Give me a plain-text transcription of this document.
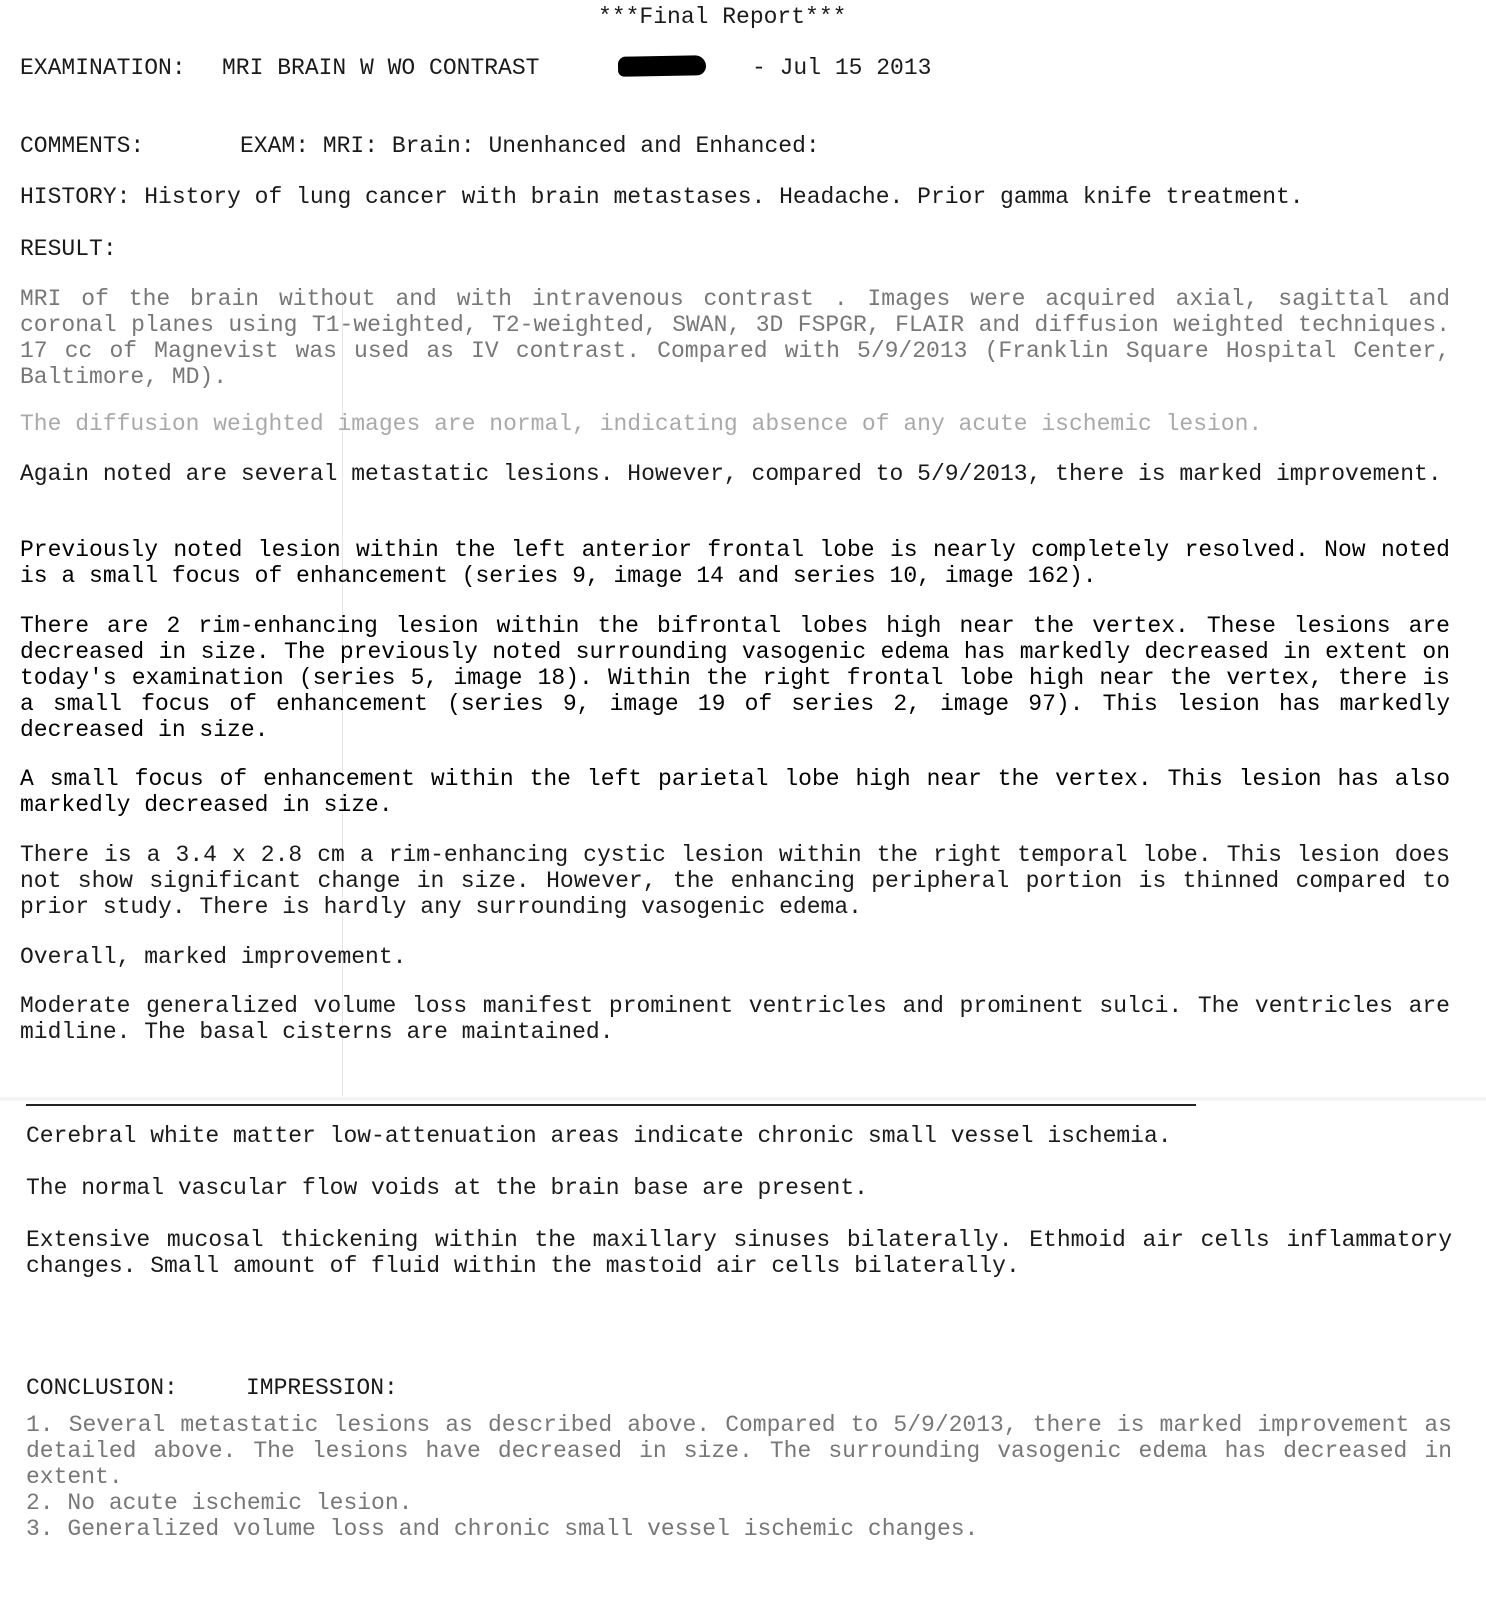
***Final Report***
EXAMINATION: MRI BRAIN W WO CONTRAST	- Jul 15 2013
COMMENTS:	EXAM: MRI: Brain: Unenhanced and Enhanced:
HISTORY: History of lung cancer with brain metastases. Headache. Prior gamma knife treatment.
RESULT:
MRI of the brain without and with intravenous contrast . Images were acquired axial, sagittal and coronal planes using T1-weighted, T2-weighted, SWAN, 3D FSPGR, FLAIR and diffusion weighted techniques. 17 cc of Magnevist was used as IV contrast. Compared with 5/9/2013 (Franklin Square Hospital Center, Baltimore, MD).
The diffusion weighted images are normal, indicating absence of any acute ischemic lesion.
Again noted are several metastatic lesions. However, compared to 5/9/2013, there is marked improvement.
Previously noted lesion within the left anterior frontal lobe is nearly completely resolved. Now noted is a small focus of enhancement (series 9, image 14 and series 10, image 162).
There are 2 rim-enhancing lesion within the bifrontal lobes high near the vertex. These lesions are decreased in size. The previously noted surrounding vasogenic edema has markedly decreased in extent on today's examination (series 5, image 18). Within the right frontal lobe high near the vertex, there is a small focus of enhancement (series 9, image 19 of series 2, image 97). This lesion has markedly decreased in size.
A small focus of enhancement within the left parietal lobe high near the vertex. This lesion has also markedly decreased in size.
There is a 3.4 x 2.8 cm a rim-enhancing cystic lesion within the right temporal lobe. This lesion does not show significant change in size. However, the enhancing peripheral portion is thinned compared to prior study. There is hardly any surrounding vasogenic edema.
Overall, marked improvement.
Moderate generalized volume loss manifest prominent ventricles and prominent sulci. The ventricles are midline. The basal cisterns are maintained.
Cerebral white matter low-attenuation areas indicate chronic small vessel ischemia.
The normal vascular flow voids at the brain base are present.
Extensive mucosal thickening within the maxillary sinuses bilaterally. Ethmoid air cells inflammatory changes. Small amount of fluid within the mastoid air cells bilaterally.
CONCLUSION:	IMPRESSION:
1. Several metastatic lesions as described above. Compared to 5/9/2013, there is marked improvement as detailed above. The lesions have decreased in size. The surrounding vasogenic edema has decreased in extent.
2. No acute ischemic lesion.
3. Generalized volume loss and chronic small vessel ischemic changes.
